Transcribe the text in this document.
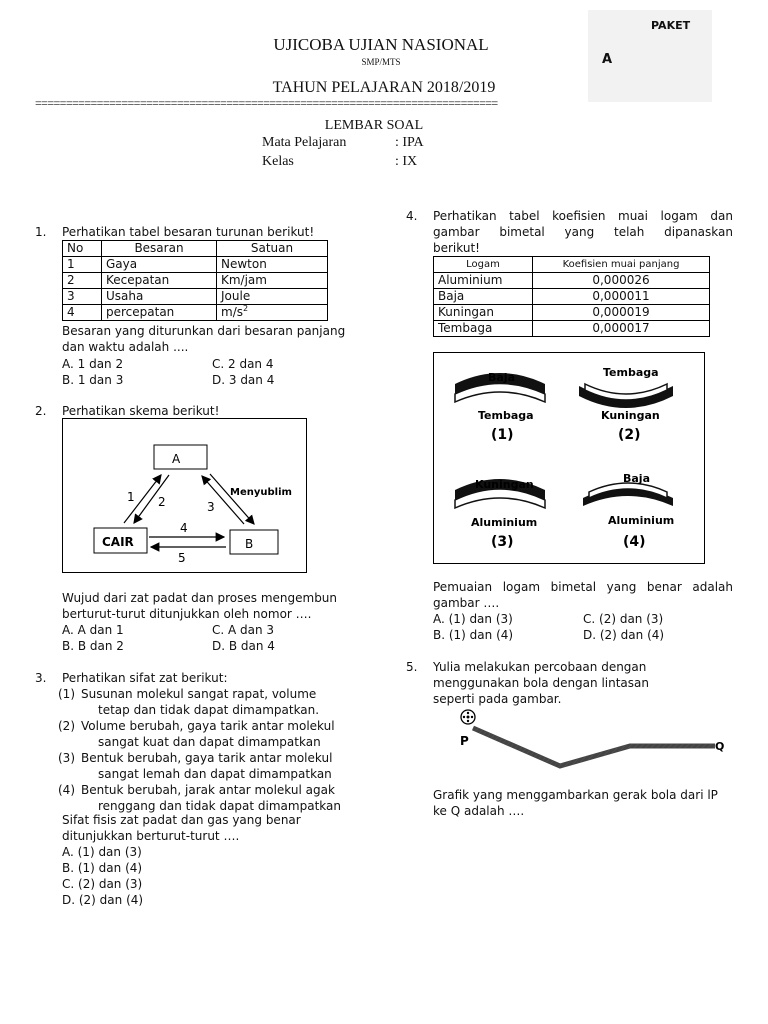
PAKET
A
UJICOBA UJIAN NASIONAL
SMP/MTS
TAHUN PELAJARAN 2018/2019
===========================================================================
LEMBAR SOAL
Mata Pelajaran	: IPA
Kelas	: IX
1. Perhatikan tabel besaran turunan berikut!
No	Besaran	Satuan
1	Gaya	Newton
2	Kecepatan	Km/jam
3	Usaha	Joule
4	percepatan	$m/s^2$
Besaran yang diturunkan dari besaran panjang
dan waktu adalah ....
A. 1 dan 2	C. 2 dan 4
B. 1 dan 3	D. 3 dan 4
2. Perhatikan skema berikut!
A
CAIR	B
1 2	3
4
5
Menyublim
Wujud dari zat padat dan proses mengembun
berturut-turut ditunjukkan oleh nomor ….
A. A dan 1	C. A dan 3
B. B dan 2	D. B dan 4
3. Perhatikan sifat zat berikut:
(1) Susunan molekul sangat rapat, volume
tetap dan tidak dapat dimampatkan.
(2) Volume berubah, gaya tarik antar molekul
sangat kuat dan dapat dimampatkan
(3) Bentuk berubah, gaya tarik antar molekul
sangat lemah dan dapat dimampatkan
(4) Bentuk berubah, jarak antar molekul agak
renggang dan tidak dapat dimampatkan
Sifat fisis zat padat dan gas yang benar
ditunjukkan berturut-turut ….
A. (1) dan (3)
B. (1) dan (4)
C. (2) dan (3)
D. (2) dan (4)
4. Perhatikan tabel koefisien muai logam dan
gambar bimetal yang telah dipanaskan
berikut!
Logam	Koefisien muai panjang
Aluminium	0,000026
Baja	0,000011
Kuningan	0,000019
Tembaga	0,000017
Baja
Tembaga
(1)
Tembaga
Kuningan
(2)
Kuningan
Aluminium
(3)
Baja
Aluminium
(4)
Pemuaian logam bimetal yang benar adalah
gambar ….
A. (1) dan (3)	C. (2) dan (3)
B. (1) dan (4)	D. (2) dan (4)
5. Yulia melakukan percobaan dengan
menggunakan bola dengan lintasan
seperti pada gambar.
P	Q
Grafik yang menggambarkan gerak bola dari lP
ke Q adalah ….
